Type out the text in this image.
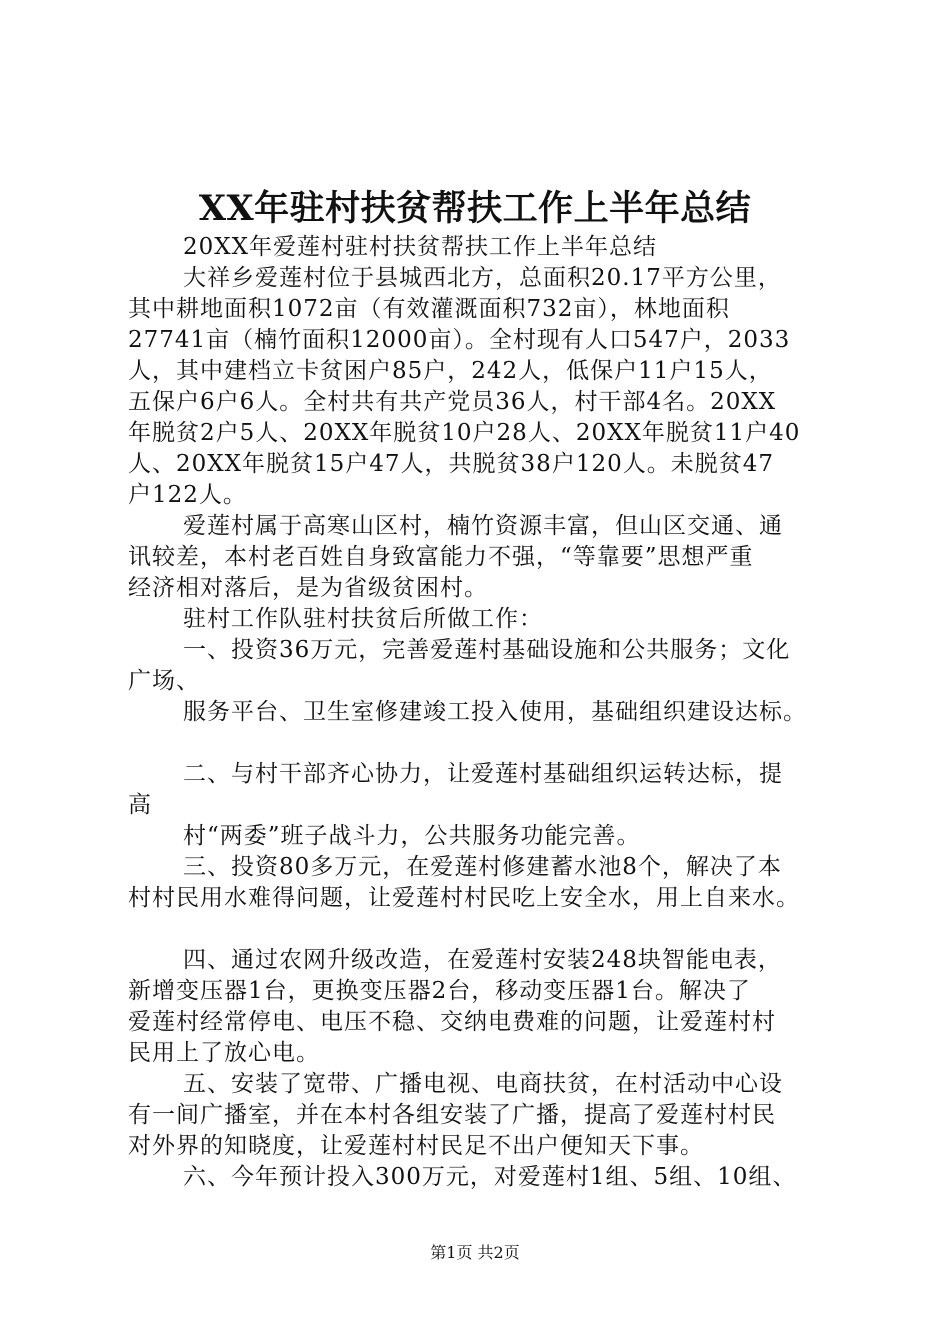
XX年驻村扶贫帮扶工作上半年总结
20XX年爱莲村驻村扶贫帮扶工作上半年总结
大祥乡爱莲村位于县城西北方，总面积20.17平方公里，
其中耕地面积1072亩（有效灌溉面积732亩），林地面积
27741亩（楠竹面积12000亩）。全村现有人口547户，2033
人，其中建档立卡贫困户85户，242人，低保户11户15人，
五保户6户6人。全村共有共产党员36人，村干部4名。20XX
年脱贫2户5人、20XX年脱贫10户28人、20XX年脱贫11户40
人、20XX年脱贫15户47人，共脱贫38户120人。未脱贫47
户122人。
爱莲村属于高寒山区村，楠竹资源丰富，但山区交通、通
讯较差，本村老百姓自身致富能力不强，“等靠要”思想严重
经济相对落后，是为省级贫困村。
驻村工作队驻村扶贫后所做工作：
一、投资36万元，完善爱莲村基础设施和公共服务；文化
广场、
服务平台、卫生室修建竣工投入使用，基础组织建设达标。
二、与村干部齐心协力，让爱莲村基础组织运转达标，提
高
村“两委”班子战斗力，公共服务功能完善。
三、投资80多万元，在爱莲村修建蓄水池8个，解决了本
村村民用水难得问题，让爱莲村村民吃上安全水，用上自来水。
四、通过农网升级改造，在爱莲村安装248块智能电表，
新增变压器1台，更换变压器2台，移动变压器1台。解决了
爱莲村经常停电、电压不稳、交纳电费难的问题，让爱莲村村
民用上了放心电。
五、安装了宽带、广播电视、电商扶贫，在村活动中心设
有一间广播室，并在本村各组安装了广播，提高了爱莲村村民
对外界的知晓度，让爱莲村村民足不出户便知天下事。
六、今年预计投入300万元，对爱莲村1组、5组、10组、
第1页 共2页
